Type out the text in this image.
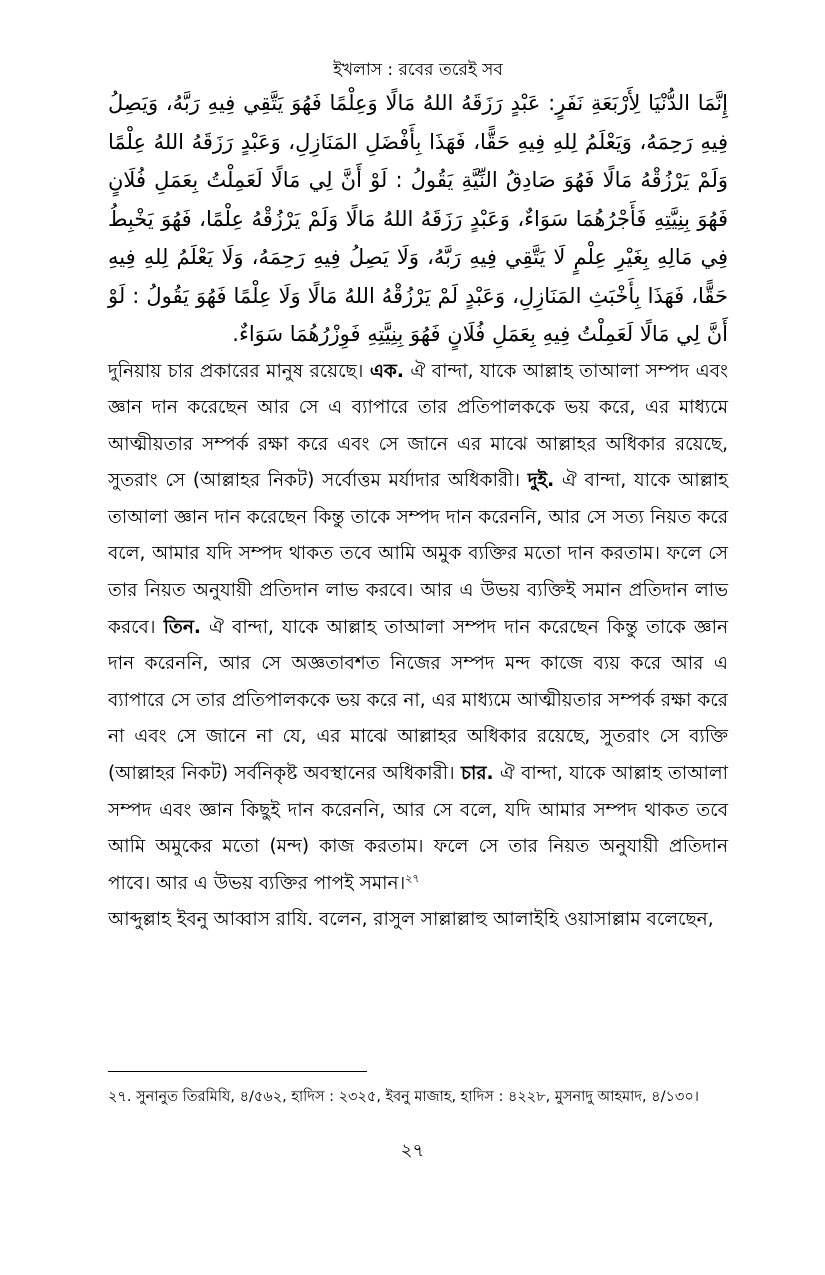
ইখলাস : রবের তরেই সব
إِنَّمَا الدُّنْيَا لِأَرْبَعَةِ نَفَرٍ: عَبْدٍ رَزَقَهُ اللهُ مَالًا وَعِلْمًا فَهُوَ يَتَّقِي فِيهِ رَبَّهُ، وَيَصِلُ فِيهِ رَحِمَهُ، وَيَعْلَمُ لِلهِ فِيهِ حَقًّا، فَهَذَا بِأَفْضَلِ المَنَازِلِ، وَعَبْدٍ رَزَقَهُ اللهُ عِلْمًا وَلَمْ يَرْزُقْهُ مَالًا فَهُوَ صَادِقُ النِّيَّةِ يَقُولُ : لَوْ أَنَّ لِي مَالًا لَعَمِلْتُ بِعَمَلِ فُلَانٍ فَهُوَ بِنِيَّتِهِ فَأَجْرُهُمَا سَوَاءٌ، وَعَبْدٍ رَزَقَهُ اللهُ مَالًا وَلَمْ يَرْزُقْهُ عِلْمًا، فَهُوَ يَخْبِطُ فِي مَالِهِ بِغَيْرِ عِلْمٍ لَا يَتَّقِي فِيهِ رَبَّهُ، وَلَا يَصِلُ فِيهِ رَحِمَهُ، وَلَا يَعْلَمُ لِلهِ فِيهِ حَقًّا، فَهَذَا بِأَخْبَثِ المَنَازِلِ، وَعَبْدٍ لَمْ يَرْزُقْهُ اللهُ مَالًا وَلَا عِلْمًا فَهُوَ يَقُولُ : لَوْ أَنَّ لِي مَالًا لَعَمِلْتُ فِيهِ بِعَمَلِ فُلَانٍ فَهُوَ بِنِيَّتِهِ فَوِزْرُهُمَا سَوَاءٌ.

দুনিয়ায় চার প্রকারের মানুষ রয়েছে। এক. ঐ বান্দা, যাকে আল্লাহ তাআলা সম্পদ এবং জ্ঞান দান করেছেন আর সে এ ব্যাপারে তার প্রতিপালককে ভয় করে, এর মাধ্যমে আত্মীয়তার সম্পর্ক রক্ষা করে এবং সে জানে এর মাঝে আল্লাহর অধিকার রয়েছে, সুতরাং সে (আল্লাহর নিকট) সর্বোত্তম মর্যাদার অধিকারী। দুই. ঐ বান্দা, যাকে আল্লাহ তাআলা জ্ঞান দান করেছেন কিন্তু তাকে সম্পদ দান করেননি, আর সে সত্য নিয়ত করে বলে, আমার যদি সম্পদ থাকত তবে আমি অমুক ব্যক্তির মতো দান করতাম। ফলে সে তার নিয়ত অনুযায়ী প্রতিদান লাভ করবে। আর এ উভয় ব্যক্তিই সমান প্রতিদান লাভ করবে। তিন. ঐ বান্দা, যাকে আল্লাহ তাআলা সম্পদ দান করেছেন কিন্তু তাকে জ্ঞান দান করেননি, আর সে অজ্ঞতাবশত নিজের সম্পদ মন্দ কাজে ব্যয় করে আর এ ব্যাপারে সে তার প্রতিপালককে ভয় করে না, এর মাধ্যমে আত্মীয়তার সম্পর্ক রক্ষা করে না এবং সে জানে না যে, এর মাঝে আল্লাহর অধিকার রয়েছে, সুতরাং সে ব্যক্তি (আল্লাহর নিকট) সর্বনিকৃষ্ট অবস্থানের অধিকারী। চার. ঐ বান্দা, যাকে আল্লাহ তাআলা সম্পদ এবং জ্ঞান কিছুই দান করেননি, আর সে বলে, যদি আমার সম্পদ থাকত তবে আমি অমুকের মতো (মন্দ) কাজ করতাম। ফলে সে তার নিয়ত অনুযায়ী প্রতিদান পাবে। আর এ উভয় ব্যক্তির পাপই সমান।$^{২৭}$

আব্দুল্লাহ ইবনু আব্বাস রাযি. বলেন, রাসুল সাল্লাল্লাহু আলাইহি ওয়াসাল্লাম বলেছেন,

২৭. সুনানুত তিরমিযি, ৪/৫৬২, হাদিস : ২৩২৫, ইবনু মাজাহ, হাদিস : ৪২২৮, মুসনাদু আহমাদ, ৪/১৩০।
২৭
